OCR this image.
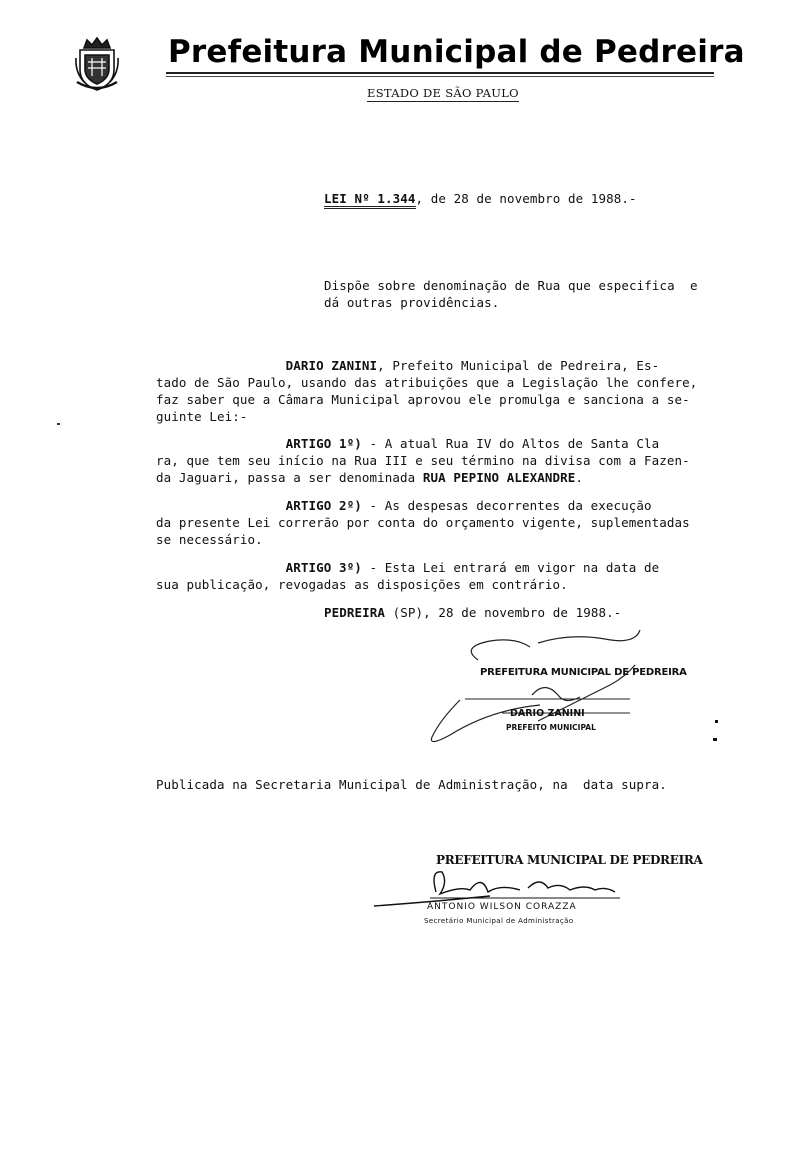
Prefeitura Municipal de Pedreira
ESTADO DE SÃO PAULO
LEI Nº 1.344, de 28 de novembro de 1988.-

Dispõe sobre denominação de Rua que especifica  e

dá outras providências.

DARIO ZANINI, Prefeito Municipal de Pedreira, Es-

tado de São Paulo, usando das atribuições que a Legislação lhe confere,

faz saber que a Câmara Municipal aprovou ele promulga e sanciona a se-

guinte Lei:-

ARTIGO 1º) - A atual Rua IV do Altos de Santa Cla

ra, que tem seu início na Rua III e seu término na divisa com a Fazen-

da Jaguari, passa a ser denominada RUA PEPINO ALEXANDRE.

ARTIGO 2º) - As despesas decorrentes da execução

da presente Lei correrão por conta do orçamento vigente, suplementadas

se necessário.

ARTIGO 3º) - Esta Lei entrará em vigor na data de

sua publicação, revogadas as disposições em contrário.

PEDREIRA (SP), 28 de novembro de 1988.-
PREFEITURA MUNICIPAL DE PEDREIRA
DARIO ZANINI
PREFEITO MUNICIPAL
Publicada na Secretaria Municipal de Administração, na  data supra.
PREFEITURA MUNICIPAL DE PEDREIRA
ANTONIO WILSON CORAZZA
Secretário Municipal de Administração
